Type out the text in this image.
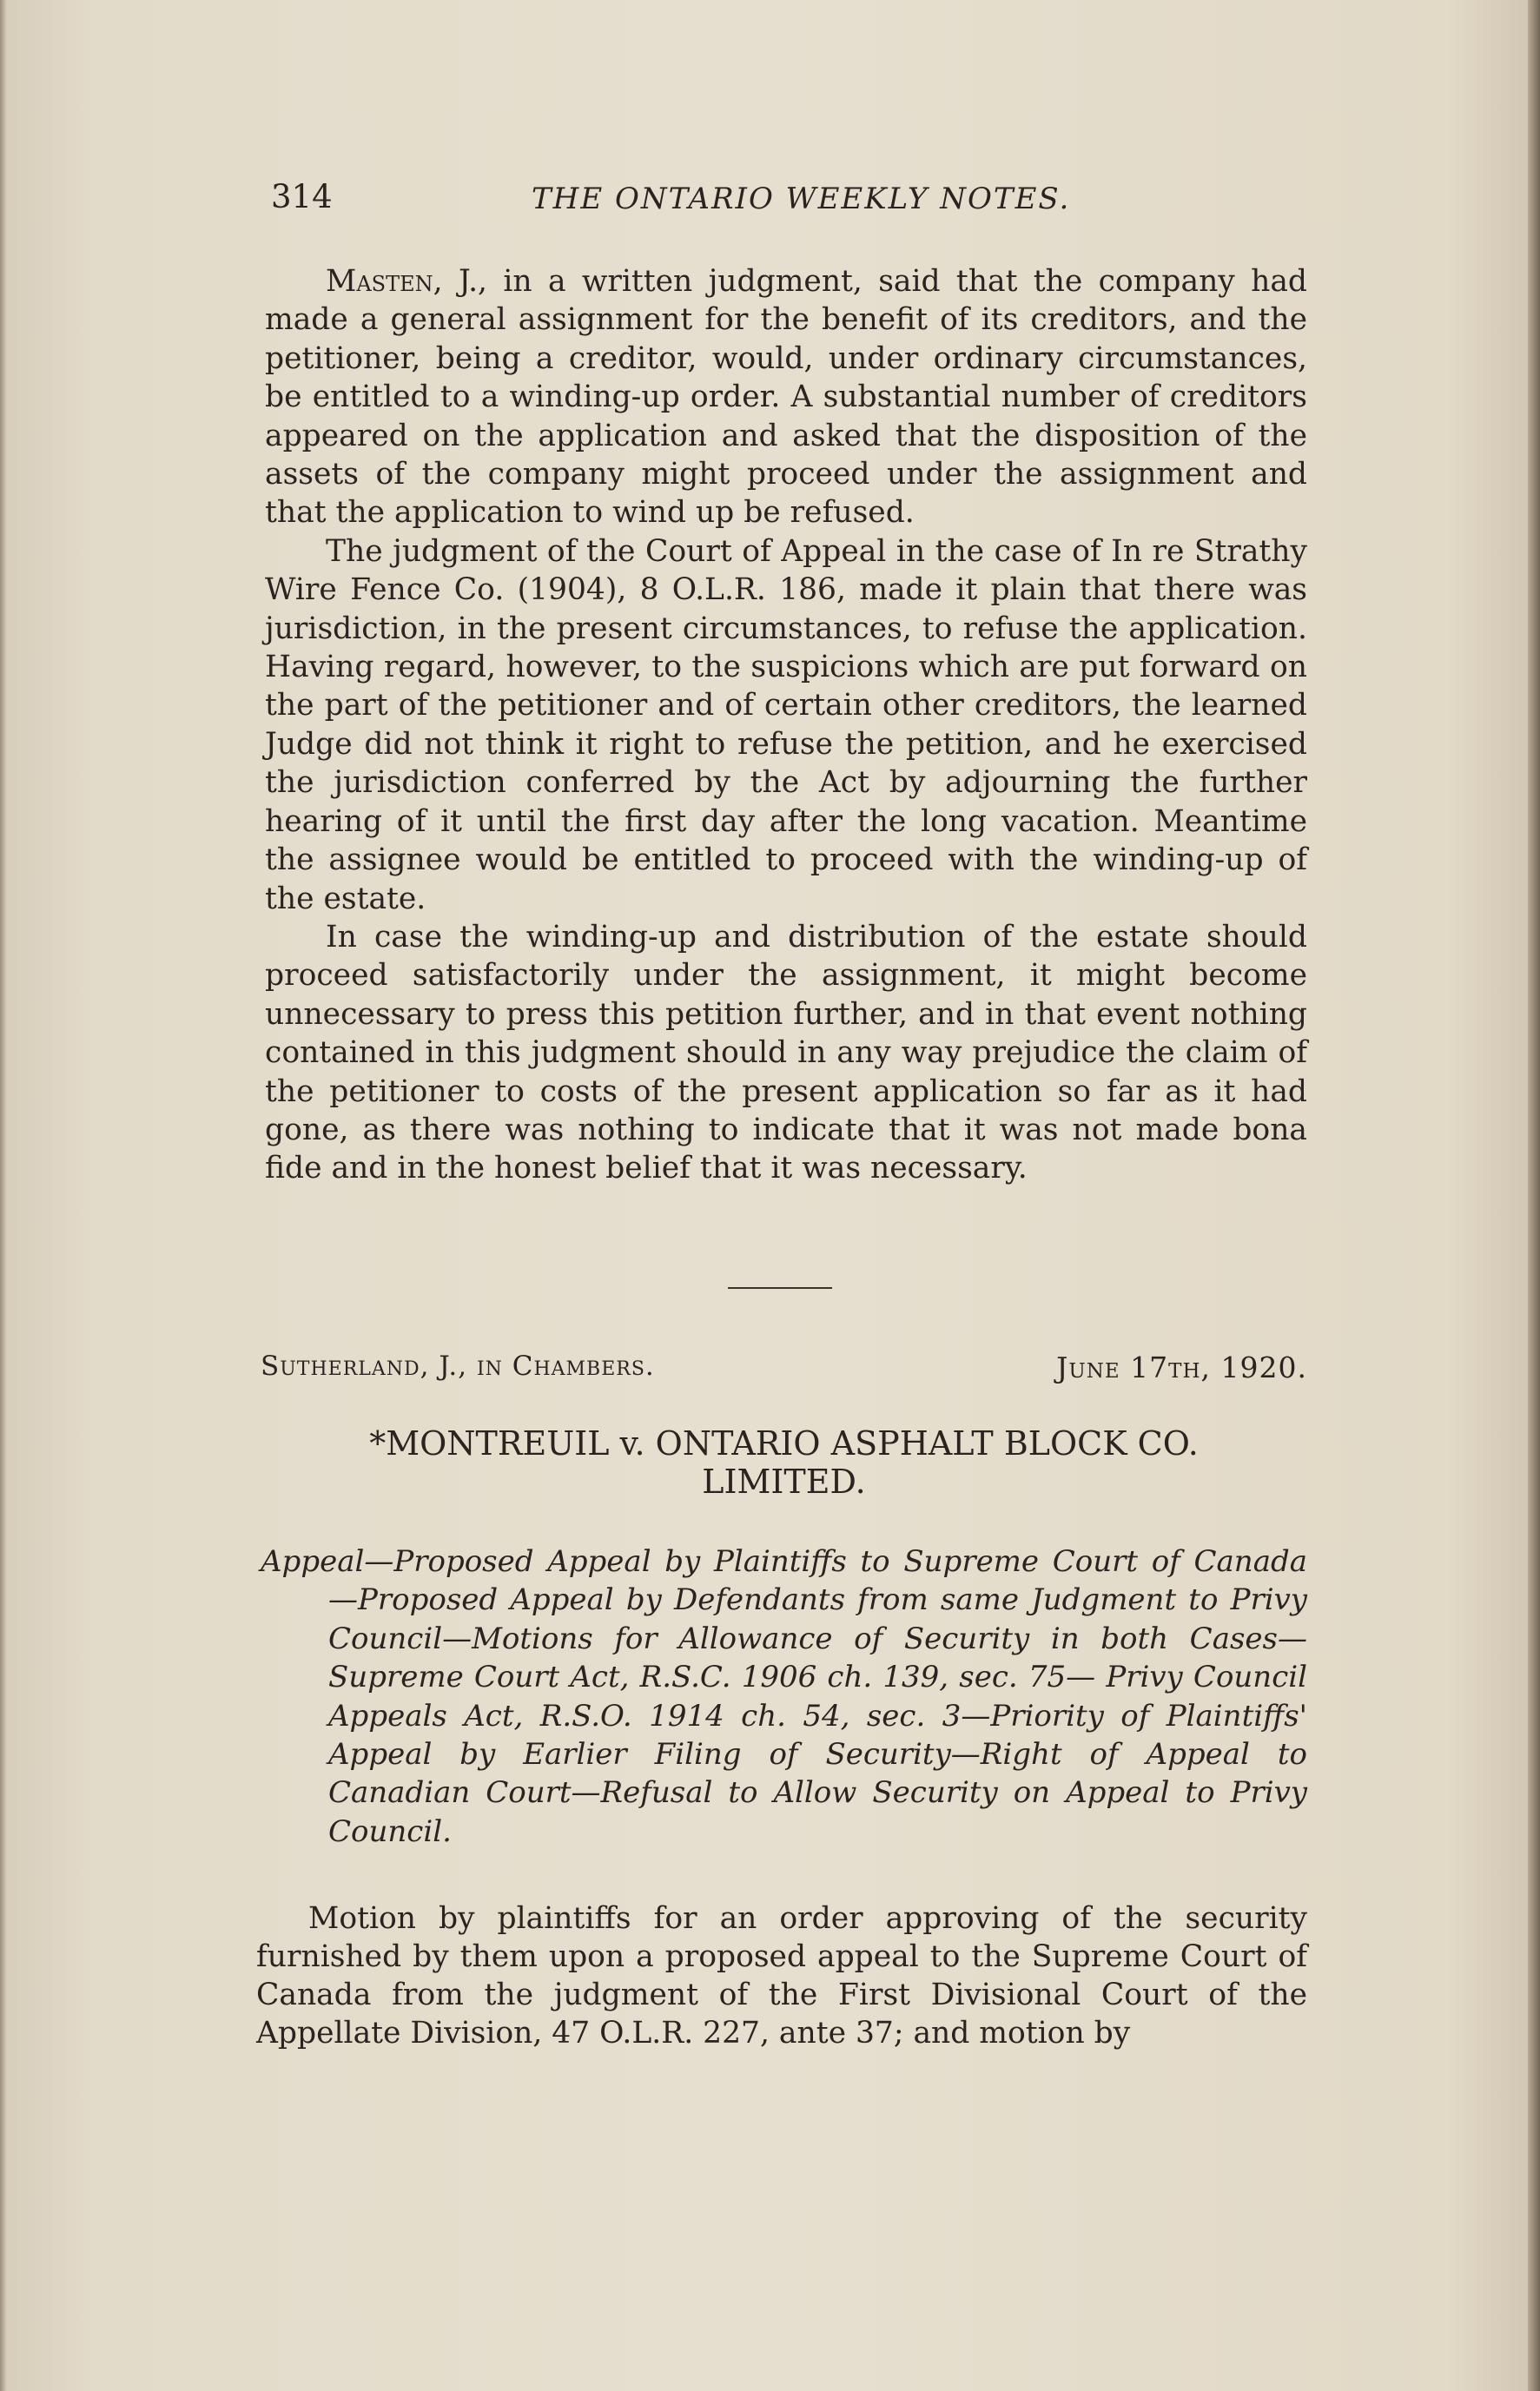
314	THE ONTARIO WEEKLY NOTES.

Masten, J., in a written judgment, said that the company had made a general assignment for the benefit of its creditors, and the petitioner, being a creditor, would, under ordinary circumstances, be entitled to a winding-up order. A substantial number of creditors appeared on the application and asked that the disposition of the assets of the company might proceed under the assignment and that the application to wind up be refused.

The judgment of the Court of Appeal in the case of In re Strathy Wire Fence Co. (1904), 8 O.L.R. 186, made it plain that there was jurisdiction, in the present circumstances, to refuse the application. Having regard, however, to the suspicions which are put forward on the part of the petitioner and of certain other creditors, the learned Judge did not think it right to refuse the petition, and he exercised the jurisdiction conferred by the Act by adjourning the further hearing of it until the first day after the long vacation. Meantime the assignee would be entitled to proceed with the winding-up of the estate.

In case the winding-up and distribution of the estate should proceed satisfactorily under the assignment, it might become unnecessary to press this petition further, and in that event nothing contained in this judgment should in any way prejudice the claim of the petitioner to costs of the present application so far as it had gone, as there was nothing to indicate that it was not made bona fide and in the honest belief that it was necessary.

Sutherland, J., in Chambers.	June 17th, 1920.
*MONTREUIL v. ONTARIO ASPHALT BLOCK CO.
LIMITED.
Appeal—Proposed Appeal by Plaintiffs to Supreme Court of Canada —Proposed Appeal by Defendants from same Judgment to Privy Council—Motions for Allowance of Security in both Cases—Supreme Court Act, R.S.C. 1906 ch. 139, sec. 75— Privy Council Appeals Act, R.S.O. 1914 ch. 54, sec. 3—Priority of Plaintiffs' Appeal by Earlier Filing of Security—Right of Appeal to Canadian Court—Refusal to Allow Security on Appeal to Privy Council.

Motion by plaintiffs for an order approving of the security furnished by them upon a proposed appeal to the Supreme Court of Canada from the judgment of the First Divisional Court of the Appellate Division, 47 O.L.R. 227, ante 37; and motion by
